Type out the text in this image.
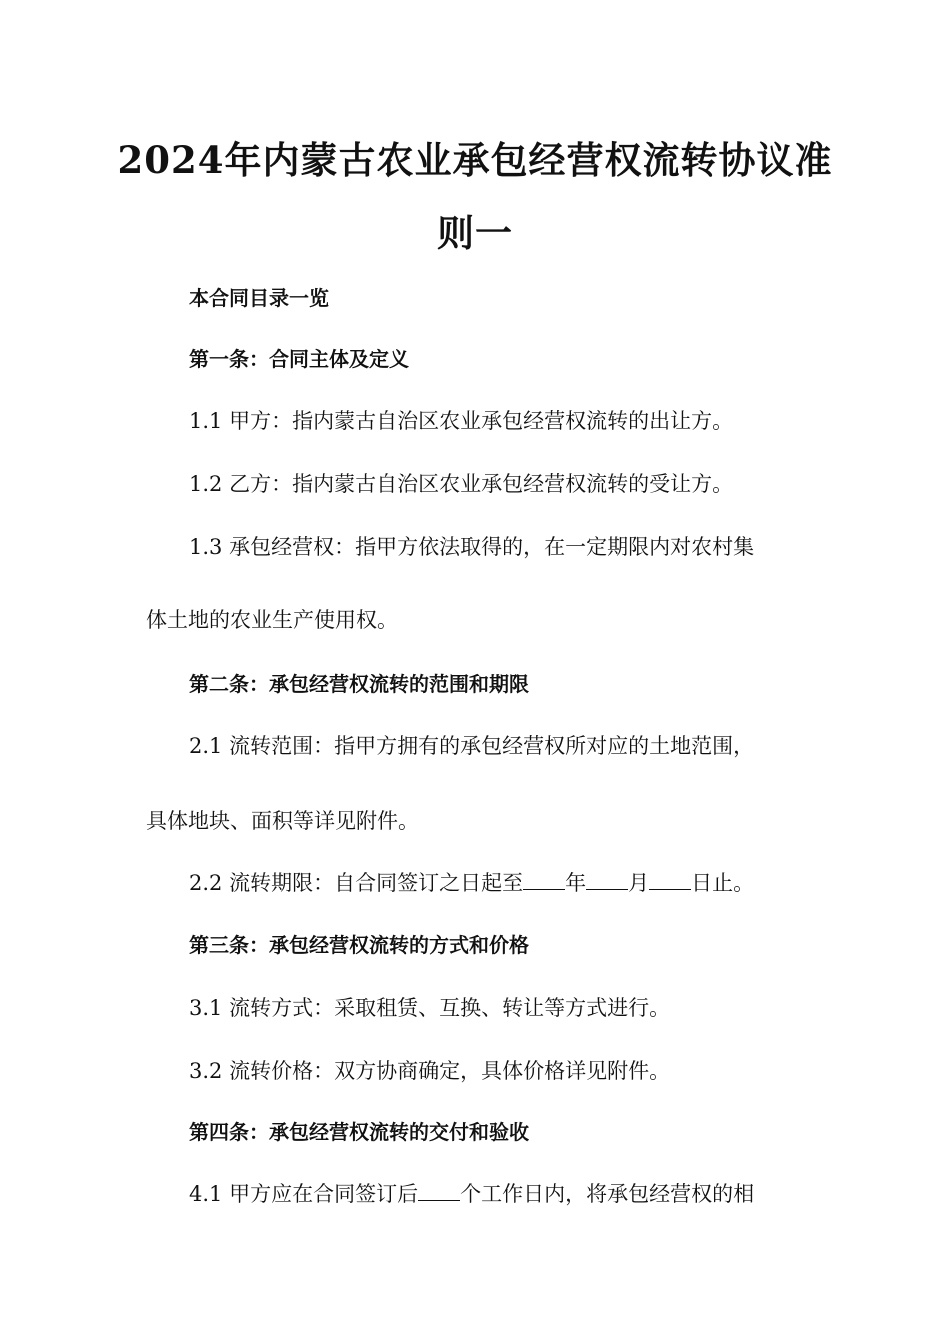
2024年内蒙古农业承包经营权流转协议准
则一

本合同目录一览

第一条：合同主体及定义

1.1 甲方：指内蒙古自治区农业承包经营权流转的出让方。

1.2 乙方：指内蒙古自治区农业承包经营权流转的受让方。

1.3 承包经营权：指甲方依法取得的，在一定期限内对农村集

体土地的农业生产使用权。

第二条：承包经营权流转的范围和期限

2.1 流转范围：指甲方拥有的承包经营权所对应的土地范围，

具体地块、面积等详见附件。

2.2 流转期限：自合同签订之日起至 年 月 日止。

第三条：承包经营权流转的方式和价格

3.1 流转方式：采取租赁、互换、转让等方式进行。

3.2 流转价格：双方协商确定，具体价格详见附件。

第四条：承包经营权流转的交付和验收

4.1 甲方应在合同签订后 个工作日内，将承包经营权的相
